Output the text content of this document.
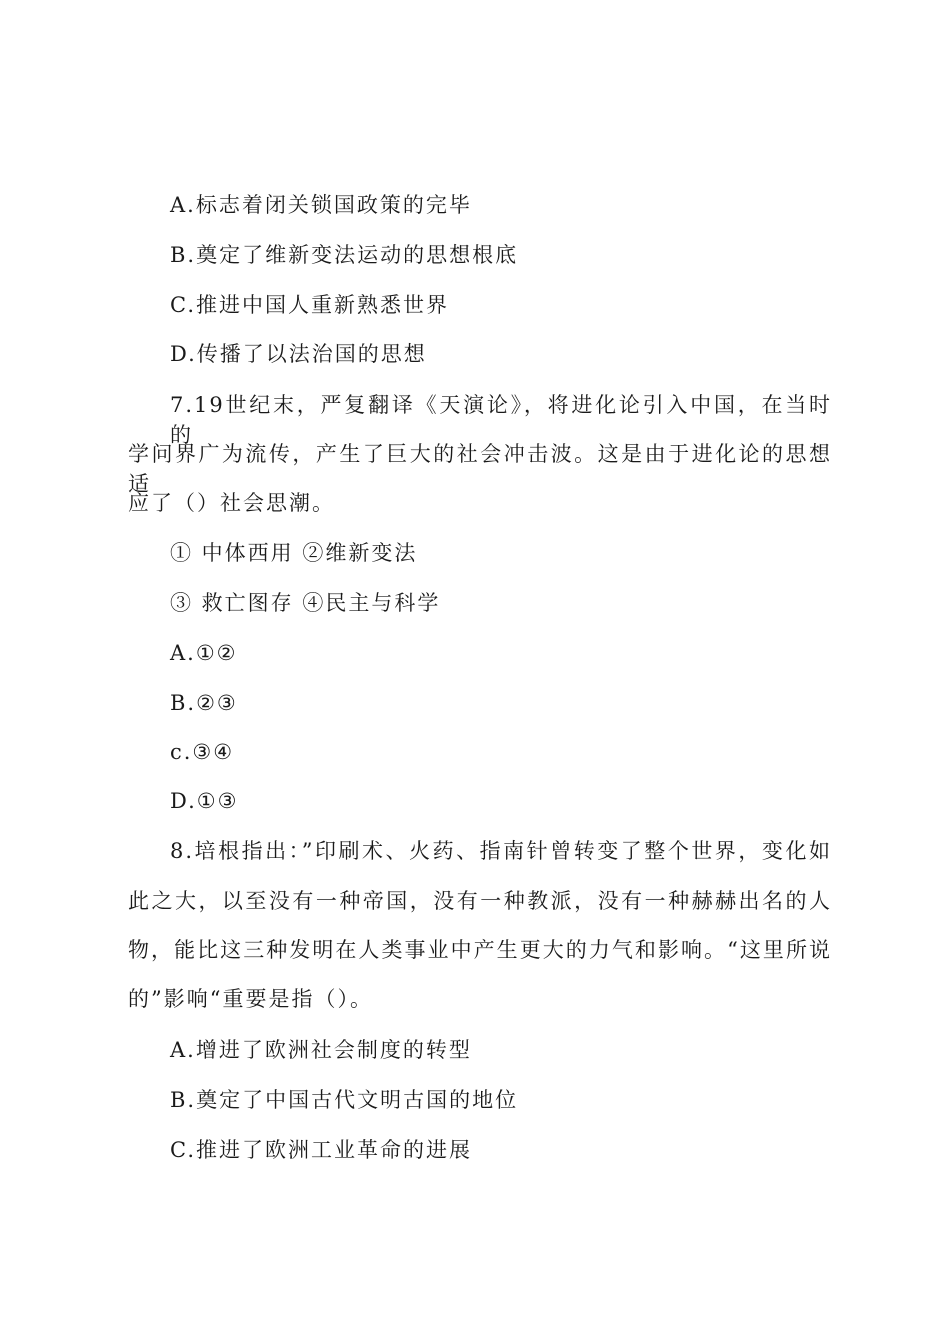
A.标志着闭关锁国政策的完毕
B.奠定了维新变法运动的思想根底
C.推进中国人重新熟悉世界
D.传播了以法治国的思想
7.19世纪末，严复翻译《天演论》，将进化论引入中国，在当时的
学问界广为流传，产生了巨大的社会冲击波。这是由于进化论的思想适
应了（）社会思潮。
① 中体西用 ②维新变法
③ 救亡图存 ④民主与科学
A.①②
B.②③
c.③④
D.①③
8.培根指出：”印刷术、火药、指南针曾转变了整个世界，变化如
此之大，以至没有一种帝国，没有一种教派，没有一种赫赫出名的人
物，能比这三种发明在人类事业中产生更大的力气和影响。“这里所说
的”影响“重要是指（）。
A.增进了欧洲社会制度的转型
B.奠定了中国古代文明古国的地位
C.推进了欧洲工业革命的进展
